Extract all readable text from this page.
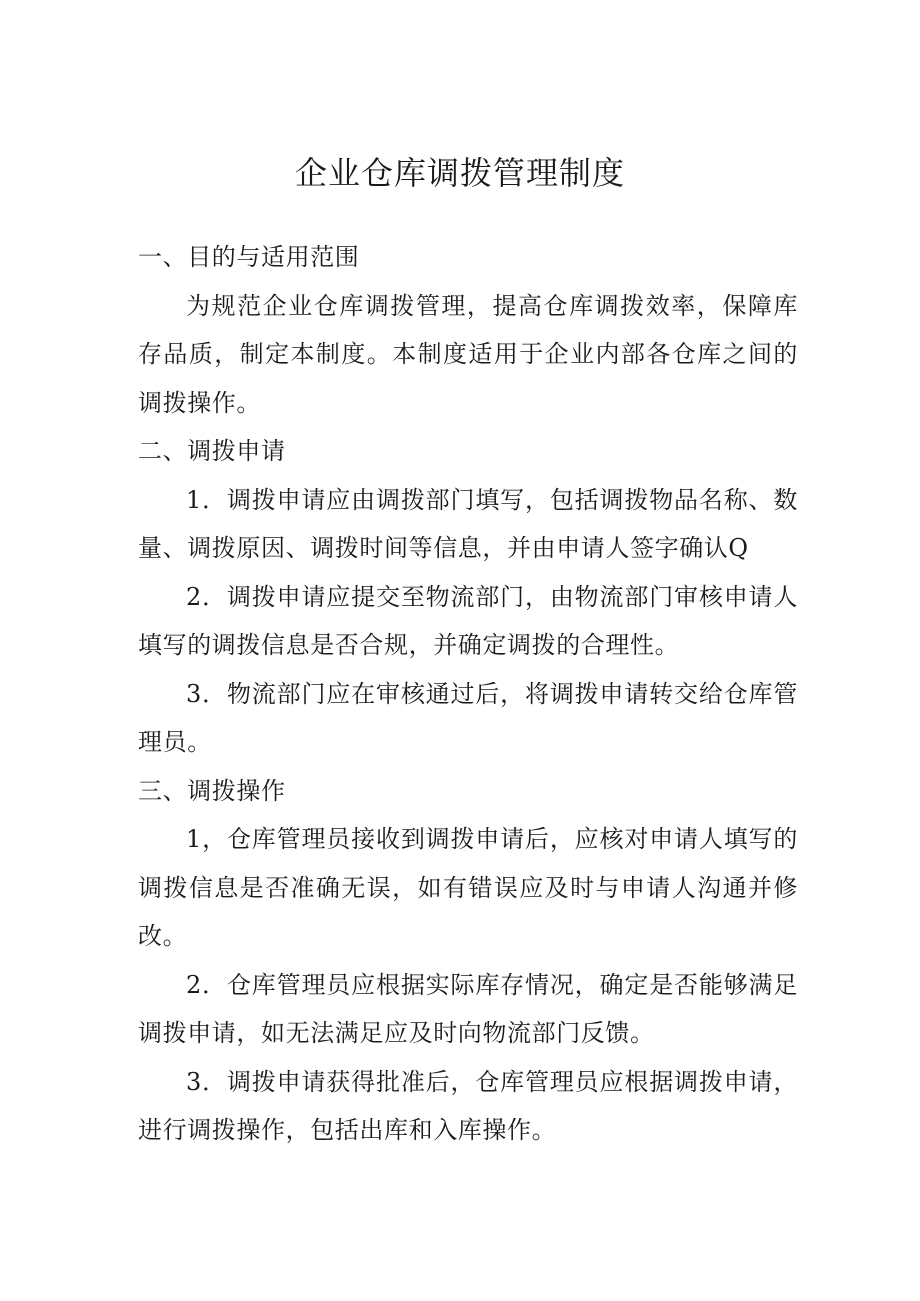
企业仓库调拨管理制度

一、目的与适用范围

为规范企业仓库调拨管理，提高仓库调拨效率，保障库存品质，制定本制度。本制度适用于企业内部各仓库之间的调拨操作。

二、调拨申请

1．调拨申请应由调拨部门填写，包括调拨物品名称、数量、调拨原因、调拨时间等信息，并由申请人签字确认Q

2．调拨申请应提交至物流部门，由物流部门审核申请人填写的调拨信息是否合规，并确定调拨的合理性。

3．物流部门应在审核通过后，将调拨申请转交给仓库管理员。

三、调拨操作

1，仓库管理员接收到调拨申请后，应核对申请人填写的调拨信息是否准确无误，如有错误应及时与申请人沟通并修改。

2．仓库管理员应根据实际库存情况，确定是否能够满足调拨申请，如无法满足应及时向物流部门反馈。

3．调拨申请获得批准后，仓库管理员应根据调拨申请，进行调拨操作，包括出库和入库操作。
